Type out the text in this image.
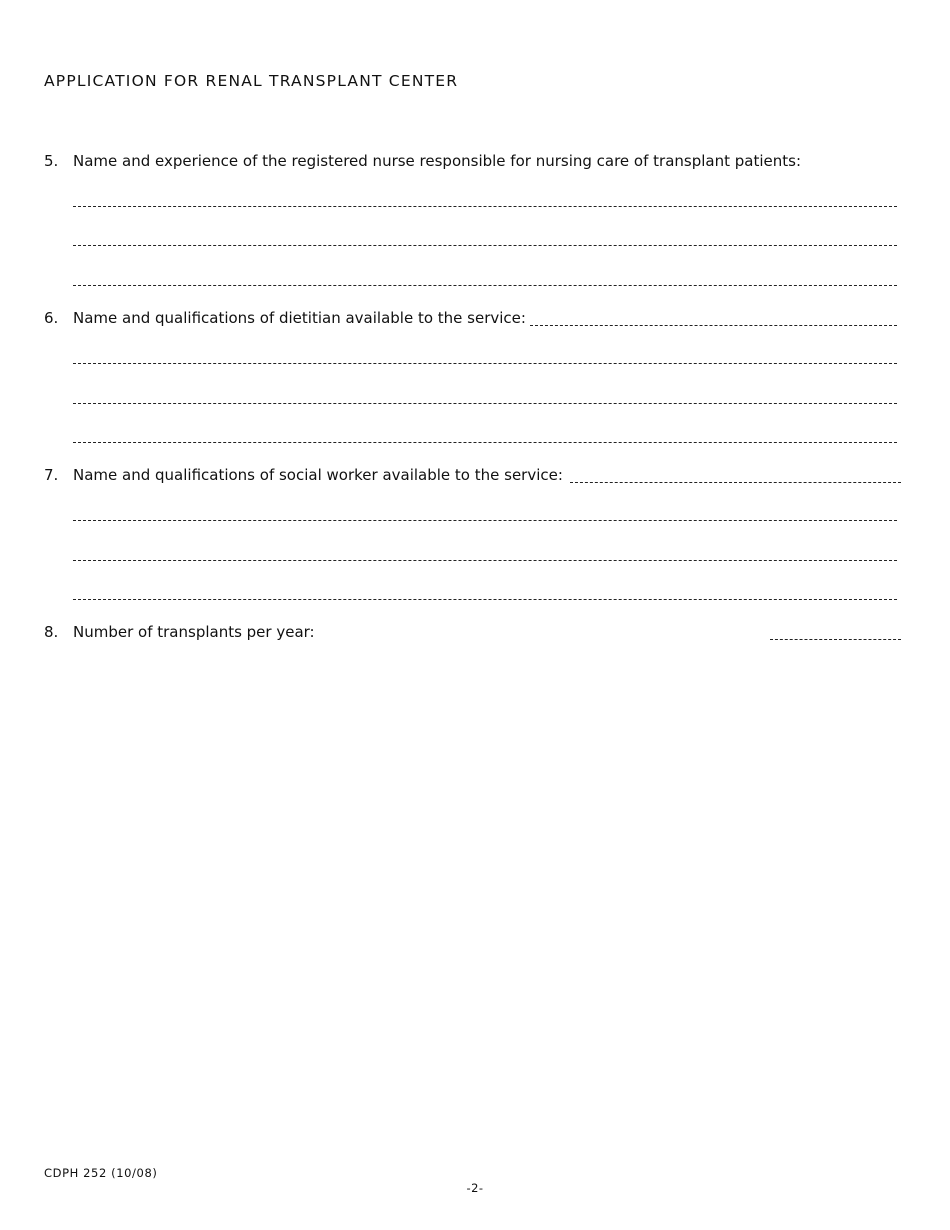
APPLICATION FOR RENAL TRANSPLANT CENTER
5. Name and experience of the registered nurse responsible for nursing care of transplant patients:
6. Name and qualifications of dietitian available to the service:
7. Name and qualifications of social worker available to the service:
8. Number of transplants per year:
CDPH 252 (10/08)
-2-
